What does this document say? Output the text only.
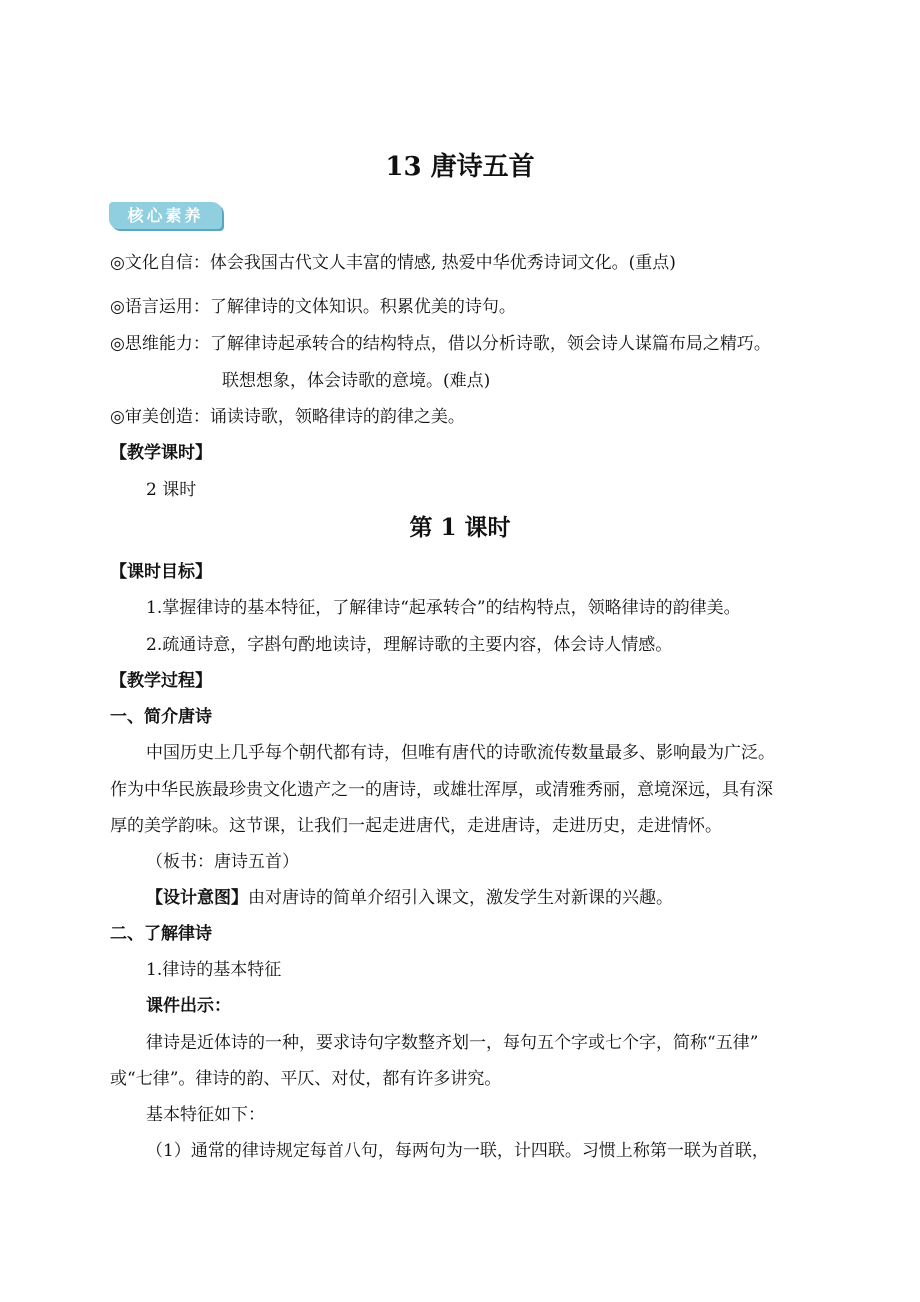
13 唐诗五首
核心素养
◎文化自信：体会我国古代文人丰富的情感, 热爱中华优秀诗词文化。(重点)
◎语言运用：了解律诗的文体知识。积累优美的诗句。
◎思维能力：了解律诗起承转合的结构特点，借以分析诗歌，领会诗人谋篇布局之精巧。
联想想象，体会诗歌的意境。(难点)
◎审美创造：诵读诗歌，领略律诗的韵律之美。
【教学课时】
2 课时
第 1 课时
【课时目标】
1.掌握律诗的基本特征，了解律诗“起承转合”的结构特点，领略律诗的韵律美。
2.疏通诗意，字斟句酌地读诗，理解诗歌的主要内容，体会诗人情感。
【教学过程】
一、简介唐诗
中国历史上几乎每个朝代都有诗，但唯有唐代的诗歌流传数量最多、影响最为广泛。
作为中华民族最珍贵文化遗产之一的唐诗，或雄壮浑厚，或清雅秀丽，意境深远，具有深
厚的美学韵味。这节课，让我们一起走进唐代，走进唐诗，走进历史，走进情怀。
（板书：唐诗五首）
【设计意图】由对唐诗的简单介绍引入课文，激发学生对新课的兴趣。
二、了解律诗
1.律诗的基本特征
课件出示：
律诗是近体诗的一种，要求诗句字数整齐划一，每句五个字或七个字，简称“五律”
或“七律”。律诗的韵、平仄、对仗，都有许多讲究。
基本特征如下：
（1）通常的律诗规定每首八句，每两句为一联，计四联。习惯上称第一联为首联，
